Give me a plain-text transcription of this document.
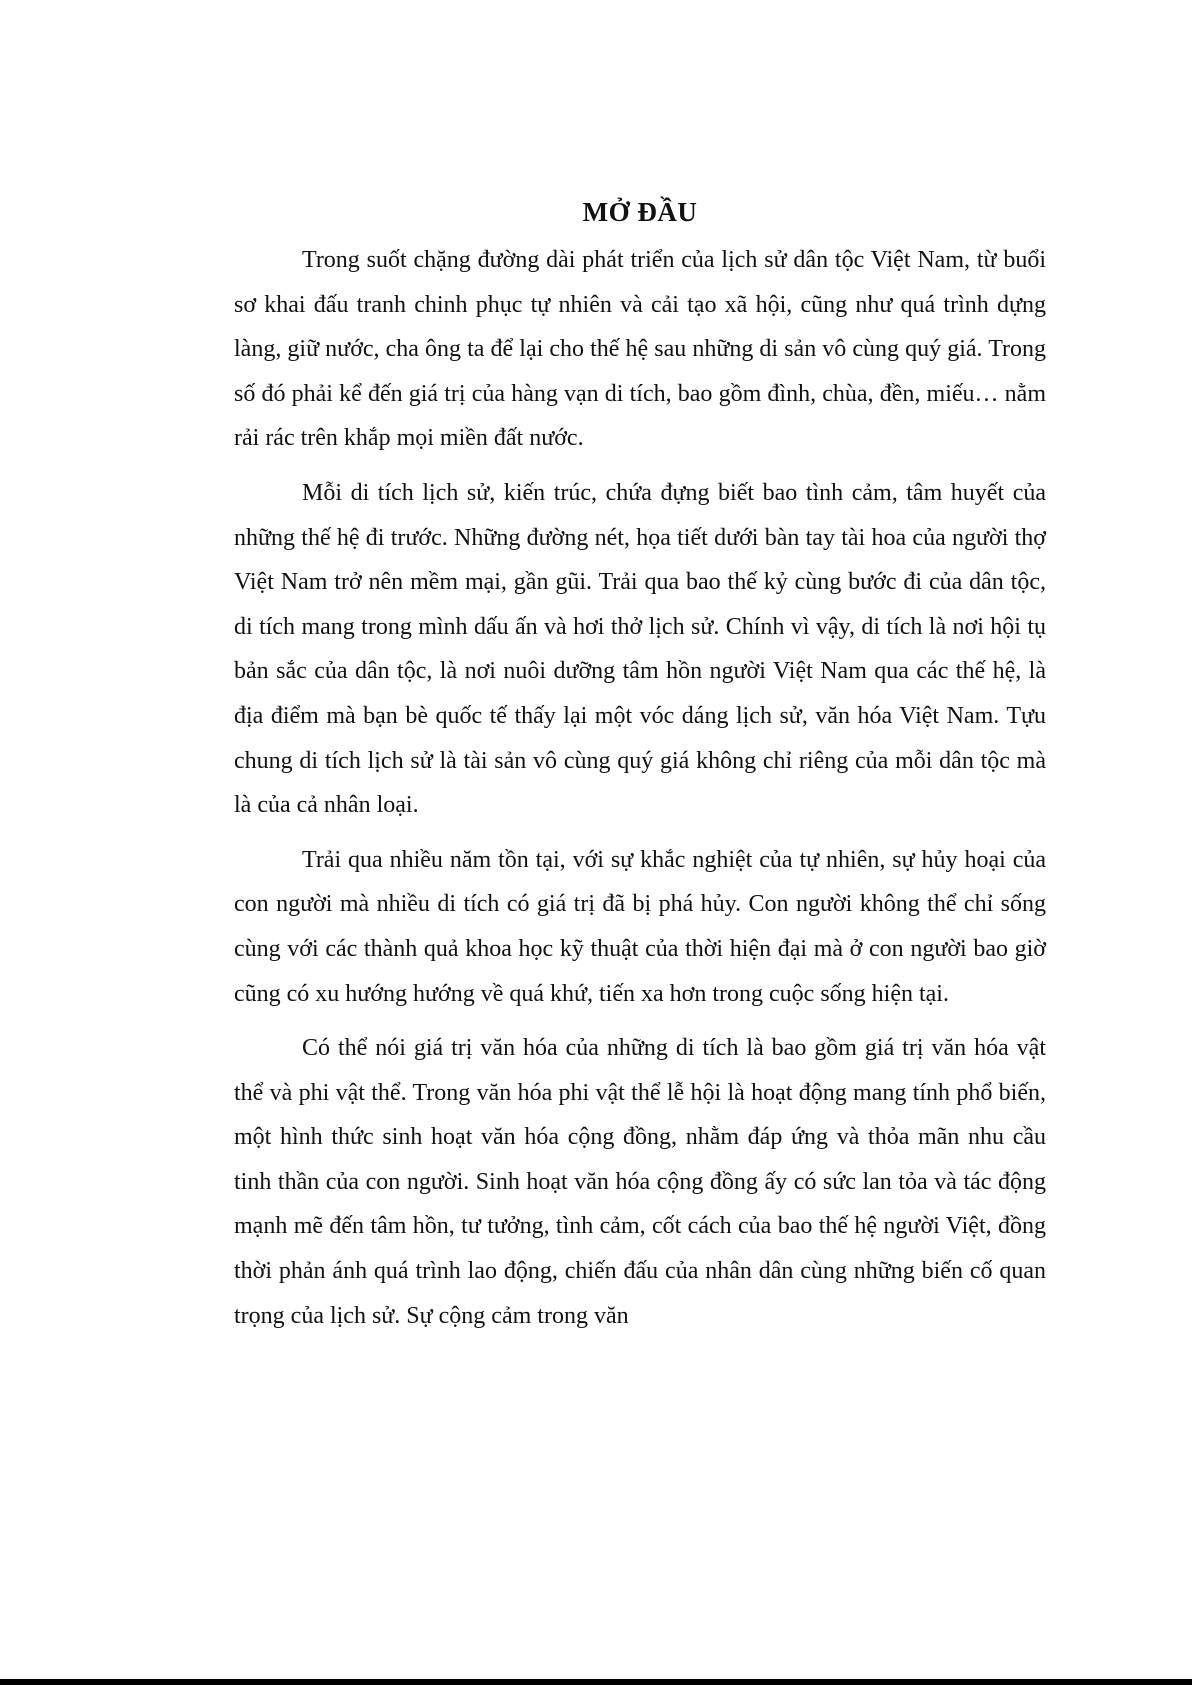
MỞ ĐẦU

Trong suốt chặng đường dài phát triển của lịch sử dân tộc Việt Nam, từ buổi sơ khai đấu tranh chinh phục tự nhiên và cải tạo xã hội, cũng như quá trình dựng làng, giữ nước, cha ông ta để lại cho thế hệ sau những di sản vô cùng quý giá. Trong số đó phải kể đến giá trị của hàng vạn di tích, bao gồm đình, chùa, đền, miếu… nằm rải rác trên khắp mọi miền đất nước.

Mỗi di tích lịch sử, kiến trúc, chứa đựng biết bao tình cảm, tâm huyết của những thế hệ đi trước. Những đường nét, họa tiết dưới bàn tay tài hoa của người thợ Việt Nam trở nên mềm mại, gần gũi. Trải qua bao thế kỷ cùng bước đi của dân tộc, di tích mang trong mình dấu ấn và hơi thở lịch sử. Chính vì vậy, di tích là nơi hội tụ bản sắc của dân tộc, là nơi nuôi dưỡng tâm hồn người Việt Nam qua các thế hệ, là địa điểm mà bạn bè quốc tế thấy lại một vóc dáng lịch sử, văn hóa Việt Nam. Tựu chung di tích lịch sử là tài sản vô cùng quý giá không chỉ riêng của mỗi dân tộc mà là của cả nhân loại.

Trải qua nhiều năm tồn tại, với sự khắc nghiệt của tự nhiên, sự hủy hoại của con người mà nhiều di tích có giá trị đã bị phá hủy. Con người không thể chỉ sống cùng với các thành quả khoa học kỹ thuật của thời hiện đại mà ở con người bao giờ cũng có xu hướng hướng về quá khứ, tiến xa hơn trong cuộc sống hiện tại.

Có thể nói giá trị văn hóa của những di tích là bao gồm giá trị văn hóa vật thể và phi vật thể. Trong văn hóa phi vật thể lễ hội là hoạt động mang tính phổ biến, một hình thức sinh hoạt văn hóa cộng đồng, nhằm đáp ứng và thỏa mãn nhu cầu tinh thần của con người. Sinh hoạt văn hóa cộng đồng ấy có sức lan tỏa và tác động mạnh mẽ đến tâm hồn, tư tưởng, tình cảm, cốt cách của bao thế hệ người Việt, đồng thời phản ánh quá trình lao động, chiến đấu của nhân dân cùng những biến cố quan trọng của lịch sử. Sự cộng cảm trong văn
